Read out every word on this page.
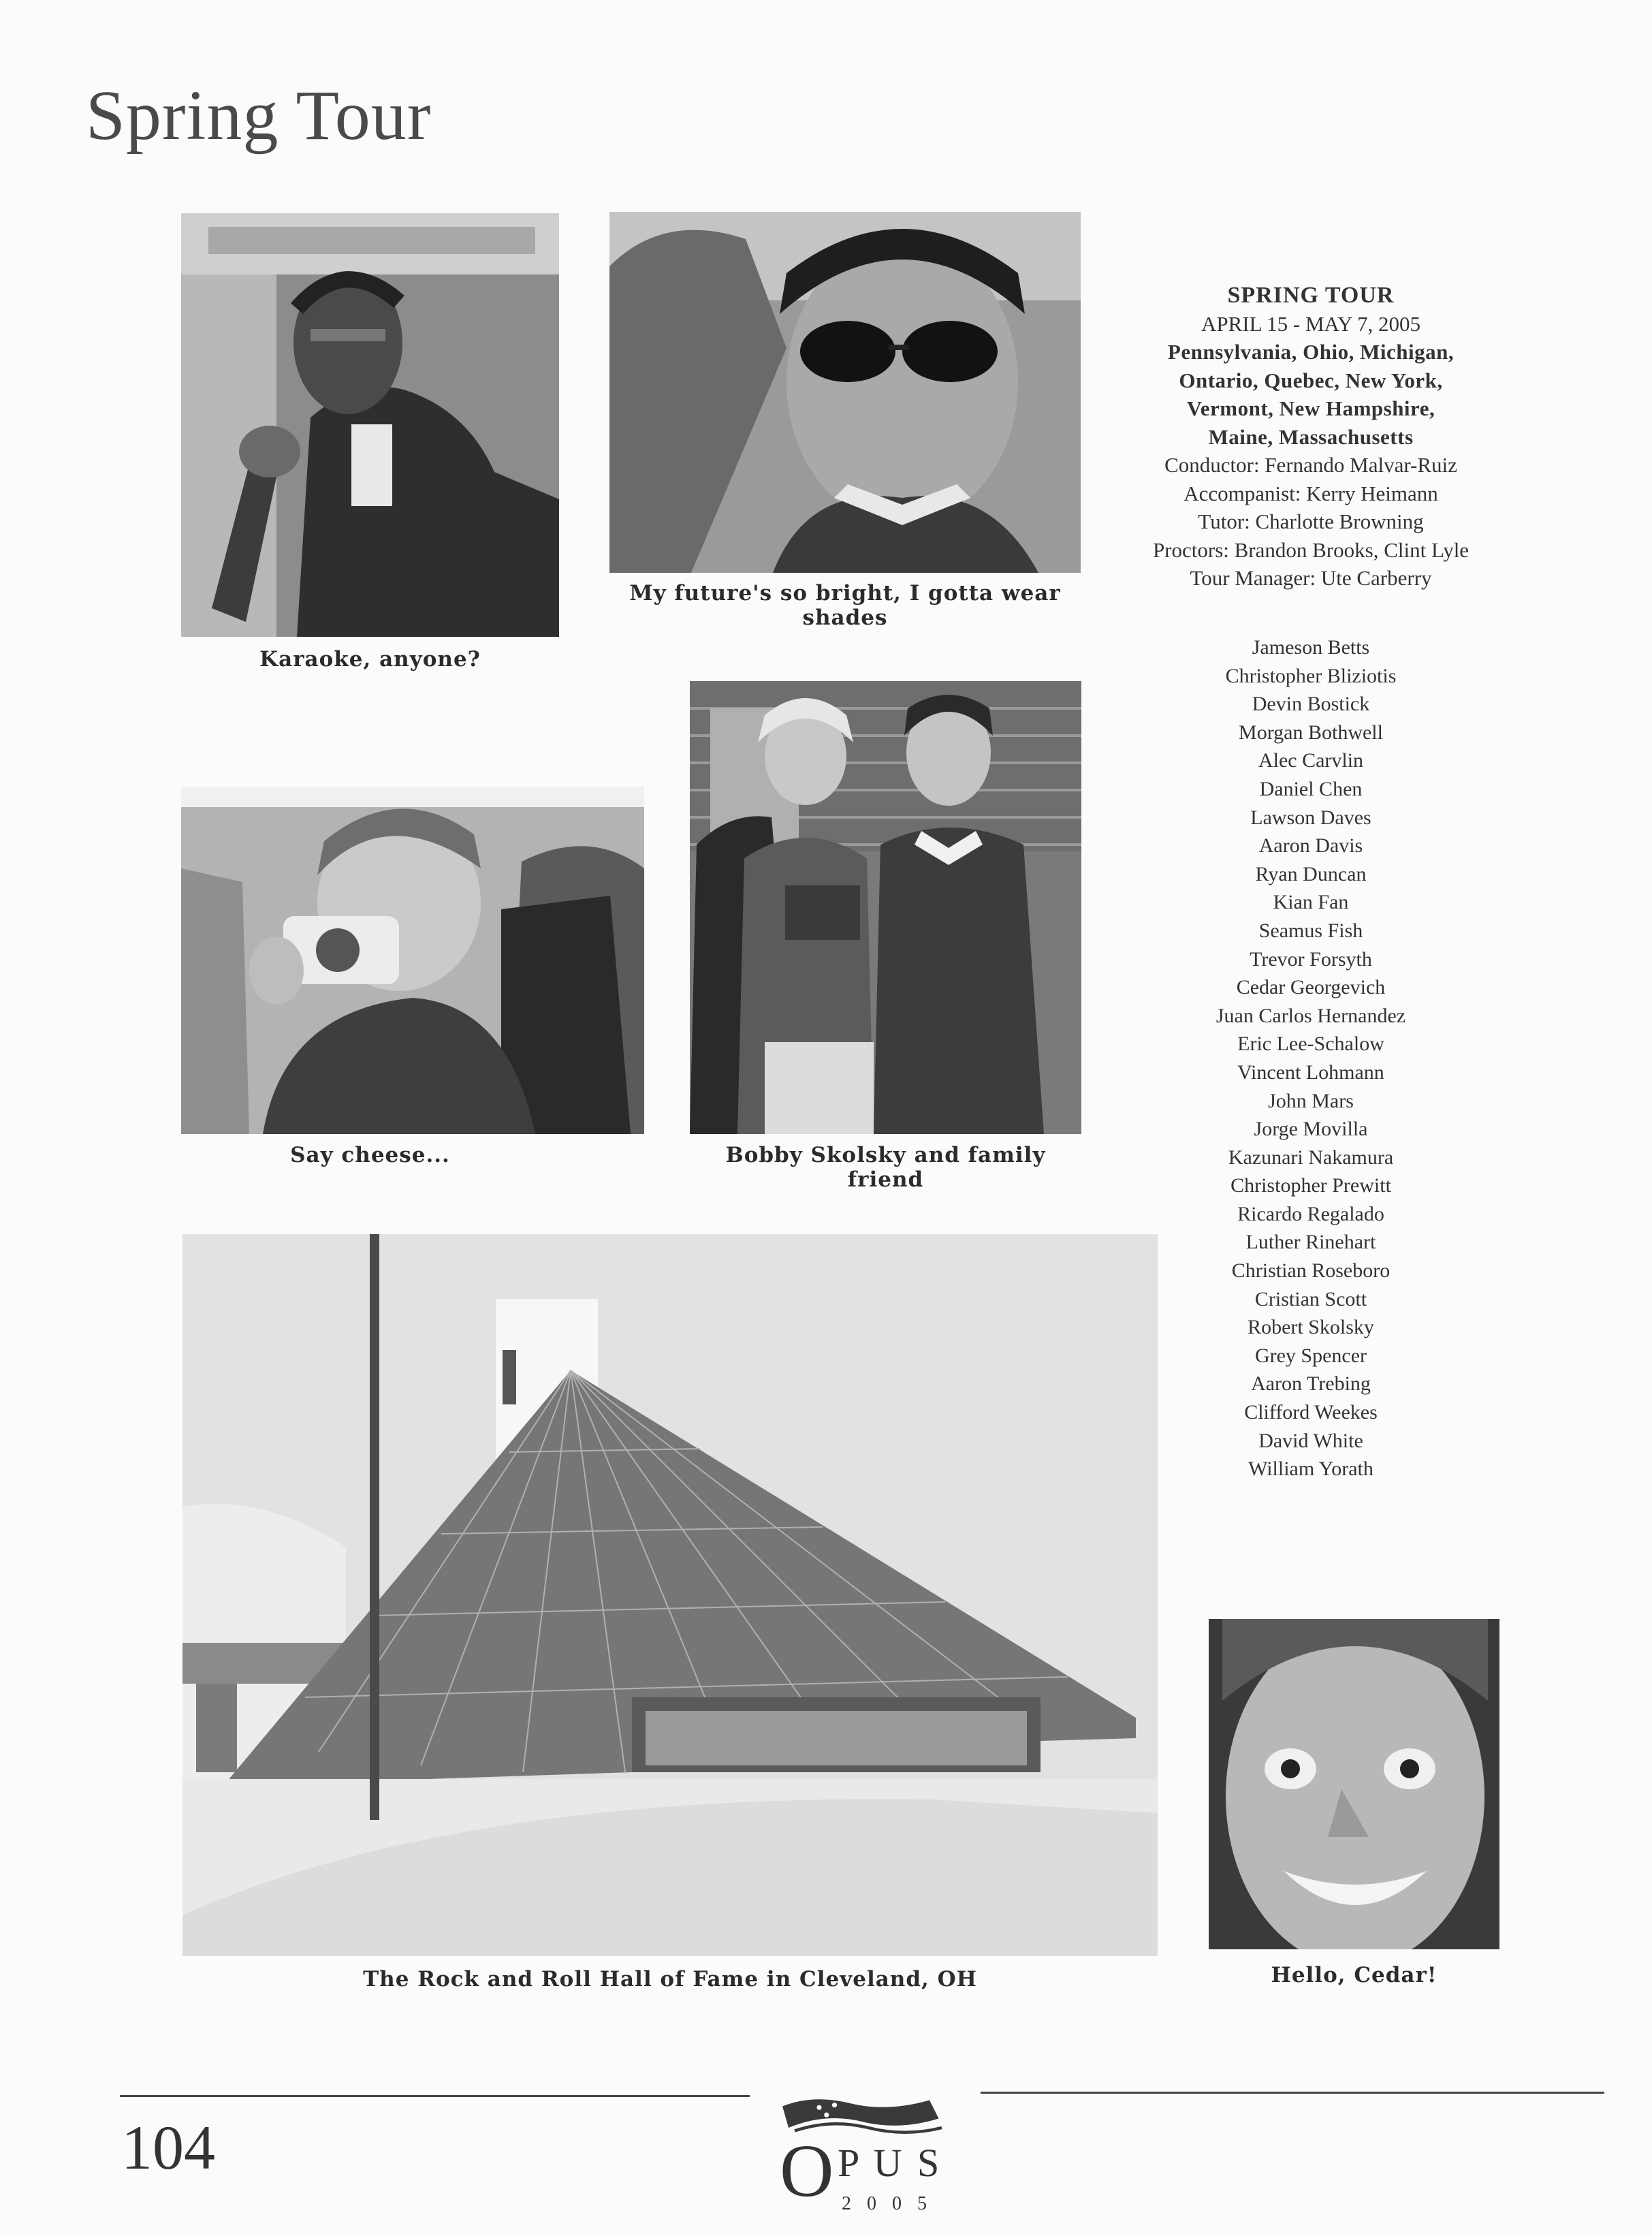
Spring Tour
Karaoke, anyone?
My future's so bright, I gotta wear shades
Say cheese...	Bobby Skolsky and family friend
The Rock and Roll Hall of Fame in Cleveland, OH	Hello, Cedar!
SPRING TOUR
APRIL 15 - MAY 7, 2005
Pennsylvania, Ohio, Michigan,
Ontario, Quebec, New York,
Vermont, New Hampshire,
Maine, Massachusetts
Conductor: Fernando Malvar-Ruiz
Accompanist: Kerry Heimann
Tutor: Charlotte Browning
Proctors: Brandon Brooks, Clint Lyle
Tour Manager: Ute Carberry
Jameson Betts
Christopher Bliziotis
Devin Bostick
Morgan Bothwell
Alec Carvlin
Daniel Chen
Lawson Daves
Aaron Davis
Ryan Duncan
Kian Fan
Seamus Fish
Trevor Forsyth
Cedar Georgevich
Juan Carlos Hernandez
Eric Lee-Schalow
Vincent Lohmann
John Mars
Jorge Movilla
Kazunari Nakamura
Christopher Prewitt
Ricardo Regalado
Luther Rinehart
Christian Roseboro
Cristian Scott
Robert Skolsky
Grey Spencer
Aaron Trebing
Clifford Weekes
David White
William Yorath
104	O P U S
2 0 0 5
